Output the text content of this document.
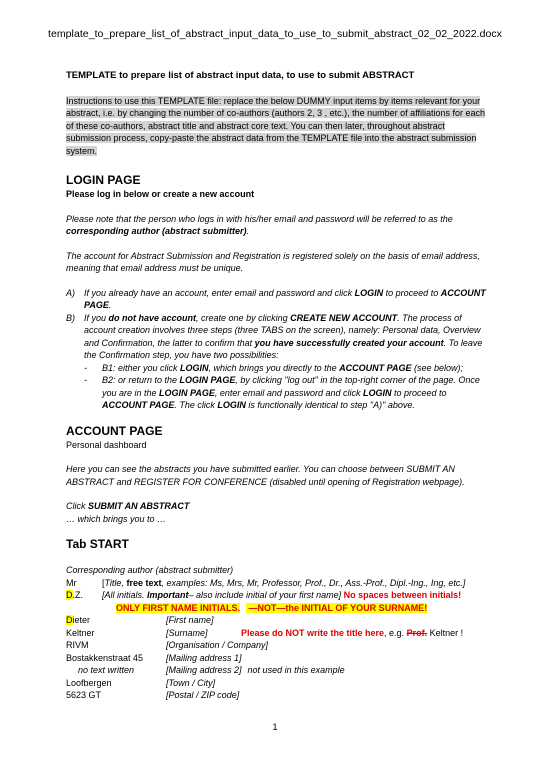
template_to_prepare_list_of_abstract_input_data_to_use_to_submit_abstract_02_02_2022.docx

TEMPLATE to prepare list of abstract input data, to use to submit ABSTRACT

Instructions to use this TEMPLATE file: replace the below DUMMY input items by items relevant for your abstract, i.e. by changing the number of co-authors (authors 2, 3 , etc.), the number of affiliations for each of these co-authors, abstract title and abstract core text. You can then later, throughout abstract submission process, copy-paste the abstract data from the TEMPLATE file into the abstract submission system.

LOGIN PAGE

Please log in below or create a new account

Please note that the person who logs in with his/her email and password will be referred to as the corresponding author (abstract submitter).

The account for Abstract Submission and Registration is registered solely on the basis of email address, meaning that email address must be unique.

A)	If you already have an account, enter email and password and click LOGIN to proceed to ACCOUNT PAGE.
B)	If you do not have account, create one by clicking CREATE NEW ACCOUNT. The process of account creation involves three steps (three TABS on the screen), namely: Personal data, Overview and Confirmation, the latter to confirm that you have successfully created your account. To leave the Confirmation step, you have two possibilities:
-	B1: either you click LOGIN, which brings you directly to the ACCOUNT PAGE (see below);
-	B2: or return to the LOGIN PAGE, by clicking "log out" in the top-right corner of the page. Once you are in the LOGIN PAGE, enter email and password and click LOGIN to proceed to ACCOUNT PAGE. The click LOGIN is functionally identical to step "A)" above.

ACCOUNT PAGE

Personal dashboard

Here you can see the abstracts you have submitted earlier. You can choose between SUBMIT AN ABSTRACT and REGISTER FOR CONFERENCE (disabled until opening of Registration webpage).

Click SUBMIT AN ABSTRACT

… which brings you to …

Tab START

Corresponding author (abstract submitter)

Mr	[Title, free text, examples: Ms, Mrs, Mr, Professor, Prof., Dr., Ass.-Prof., Dipl.-Ing., Ing, etc.]
D.Z.	[All initials. Important– also include initial of your first name] No spaces between initials!
ONLY FIRST NAME INITIALS. —NOT—the INITIAL OF YOUR SURNAME!
Dieter	[First name]
Keltner	[Surname]	Please do NOT write the title here, e.g. Prof. Keltner !
RIVM	[Organisation / Company]
Bostakkenstraat 45	[Mailing address 1]
no text written	[Mailing address 2] not used in this example
Loofbergen	[Town / City]
5623 GT	[Postal / ZIP code]
1
